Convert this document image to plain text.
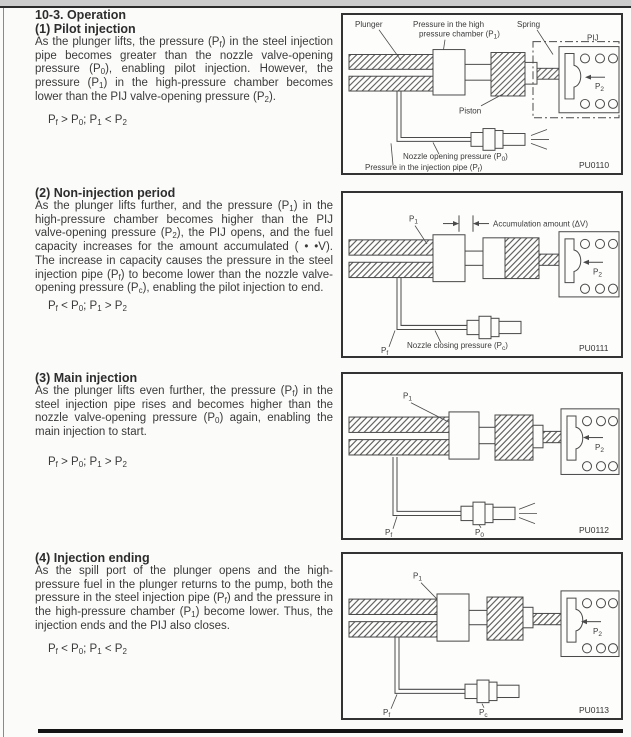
10-3. Operation
(1) Pilot injection

As the plunger lifts, the pressure $(P_f)$ in the steel injection pipe becomes greater than the nozzle valve-opening pressure $(P_0)$, enabling pilot injection. However, the pressure $(P_1)$ in the high-pressure chamber becomes lower than the PIJ valve-opening pressure $(P_2)$.

$P_f > P_0$; $P_1 < P_2$
Plunger	Pressure in the high
pressure chamber $(P_1)$
Spring
PIJ
$P_2$
Piston
Nozzle opening pressure $(P_0)$
Pressure in the injection pipe $(P_f)$	PU0110
(2) Non-injection period

As the plunger lifts further, and the pressure $(P_1)$ in the high-pressure chamber becomes higher than the PIJ valve-opening pressure $(P_2)$, the PIJ opens, and the fuel capacity increases for the amount accumulated ( • •V). The increase in capacity causes the pressure in the steel injection pipe $(P_f)$ to become lower than the nozzle valve-opening pressure $(P_c)$, enabling the pilot injection to end.

$P_f < P_0$; $P_1 > P_2$
$P_1$	Accumulation amount (ΔV)
$P_2$
Nozzle closing pressure $(P_c)$
$P_f$
PU0111
(3) Main injection

As the plunger lifts even further, the pressure $(P_f)$ in the steel injection pipe rises and becomes higher than the nozzle valve-opening pressure $(P_0)$ again, enabling the main injection to start.

$P_f > P_0$; $P_1 > P_2$
$P_1$
$P_2$
$P_0$
$P_f$
PU0112
(4) Injection ending

As the spill port of the plunger opens and the high-pressure fuel in the plunger returns to the pump, both the pressure in the steel injection pipe $(P_f)$ and the pressure in the high-pressure chamber $(P_1)$ become lower. Thus, the injection ends and the PIJ also closes.

$P_f < P_0$; $P_1 < P_2$
$P_1$
$P_2$
$P_c$
$P_f$
PU0113
